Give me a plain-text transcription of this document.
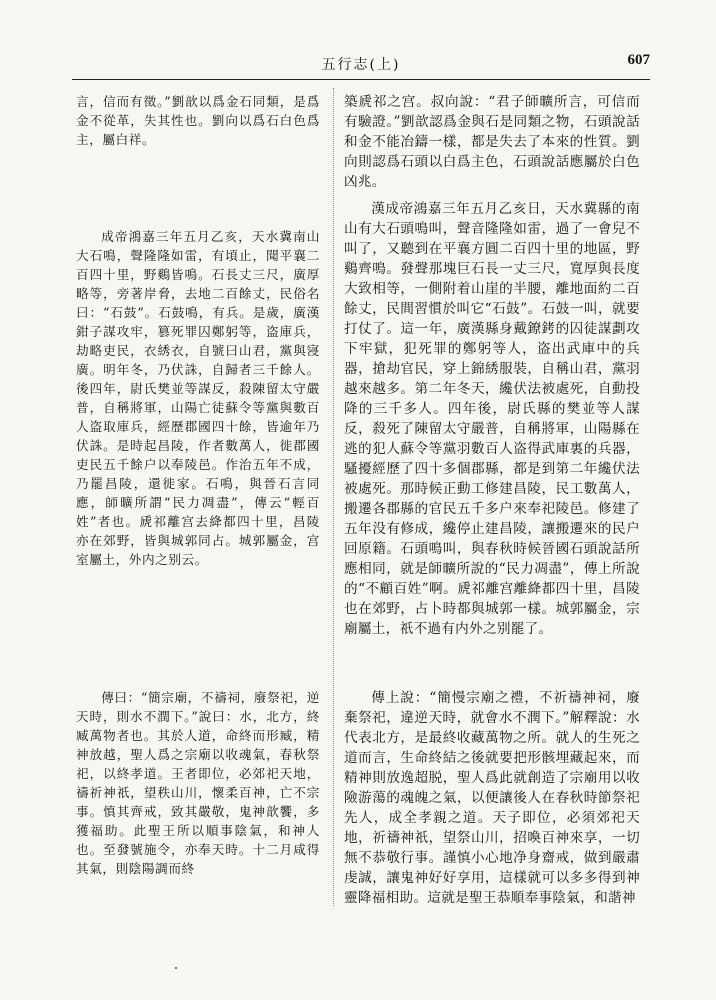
五行志(上)	607

言，信而有徵。”劉歆以爲金石同類，是爲金不從革，失其性也。劉向以爲石白色爲主，屬白祥。

成帝鴻嘉三年五月乙亥，天水冀南山大石鳴，聲隆隆如雷，有頃止，聞平襄二百四十里，野鷄皆鳴。石長丈三尺，廣厚略等，旁著岸脅，去地二百餘丈，民俗名曰：“石鼓”。石鼓鳴，有兵。是歲，廣漢鉗子謀攻牢，篡死罪囚鄭躬等，盗庫兵，劫略吏民，衣綉衣，自號曰山君，黨與寖廣。明年冬，乃伏誅，自歸者三千餘人。後四年，尉氏樊並等謀反，殺陳留太守嚴普，自稱將軍，山陽亡徒蘇令等黨與數百人盗取庫兵，經歷郡國四十餘，皆逾年乃伏誅。是時起昌陵，作者數萬人，徙郡國吏民五千餘户以奉陵邑。作治五年不成，乃罷昌陵，還徙家。石鳴，與晉石言同應，師曠所謂“民力凋盡”，傳云“輕百姓”者也。虒祁離宫去絳都四十里，昌陵亦在郊野，皆與城郭同占。城郭屬金，宫室屬土，外内之别云。

傳曰：“簡宗廟，不禱祠，廢祭祀，逆天時，則水不潤下。”說曰：水，北方，終臧萬物者也。其於人道，命終而形臧，精神放越，聖人爲之宗廟以收魂氣，春秋祭祀，以終孝道。王者即位，必郊祀天地，禱祈神祇，望秩山川，懷柔百神，亡不宗事。慎其齊戒，致其嚴敬，鬼神歆饗，多獲福助。此聖王所以順事陰氣，和神人也。至發號施令，亦奉天時。十二月咸得其氣，則陰陽調而終

築虒祁之宫。叔向說：“君子師曠所言，可信而有驗證。”劉歆認爲金與石是同類之物，石頭說話和金不能冶鑄一樣，都是失去了本來的性質。劉向則認爲石頭以白爲主色，石頭說話應屬於白色凶兆。

漢成帝鴻嘉三年五月乙亥日，天水冀縣的南山有大石頭鳴叫，聲音隆隆如雷，過了一會兒不叫了，又聽到在平襄方圓二百四十里的地區，野鷄齊鳴。發聲那塊巨石長一丈三尺，寬厚與長度大致相等，一側附着山崖的半腰，離地面約二百餘丈，民間習慣於叫它“石鼓”。石鼓一叫，就要打仗了。這一年，廣漢縣身戴鐐銬的囚徒謀劃攻下牢獄，犯死罪的鄭躬等人，盗出武庫中的兵器，搶劫官民，穿上錦綉服裝，自稱山君，黨羽越來越多。第二年冬天，纔伏法被處死，自動投降的三千多人。四年後，尉氏縣的樊並等人謀反，殺死了陳留太守嚴普，自稱將軍，山陽縣在逃的犯人蘇令等黨羽數百人盗得武庫裏的兵器，騷擾經歷了四十多個郡縣，都是到第二年纔伏法被處死。那時候正動工修建昌陵，民工數萬人，搬遷各郡縣的官民五千多户來奉祀陵邑。修建了五年没有修成，纔停止建昌陵，讓搬遷來的民户回原籍。石頭鳴叫，與春秋時候晉國石頭說話所應相同，就是師曠所說的“民力凋盡”，傳上所說的“不顧百姓”啊。虒祁離宫離絳都四十里，昌陵也在郊野，占卜時都與城郭一樣。城郭屬金，宗廟屬土，祇不過有内外之别罷了。

傳上說：“簡慢宗廟之禮，不祈禱神祠，廢棄祭祀，違逆天時，就會水不潤下。”解釋說：水代表北方，是最終收藏萬物之所。就人的生死之道而言，生命終結之後就要把形骸埋藏起來，而精神則放逸超脱，聖人爲此就創造了宗廟用以收險游蕩的魂魄之氣，以便讓後人在春秋時節祭祀先人，成全孝親之道。天子即位，必須郊祀天地，祈禱神祇，望祭山川，招喚百神來享，一切無不恭敬行事。謹慎小心地净身齋戒，做到嚴肅虔誠，讓鬼神好好享用，這樣就可以多多得到神靈降福相助。這就是聖王恭順奉事陰氣，和諧神
